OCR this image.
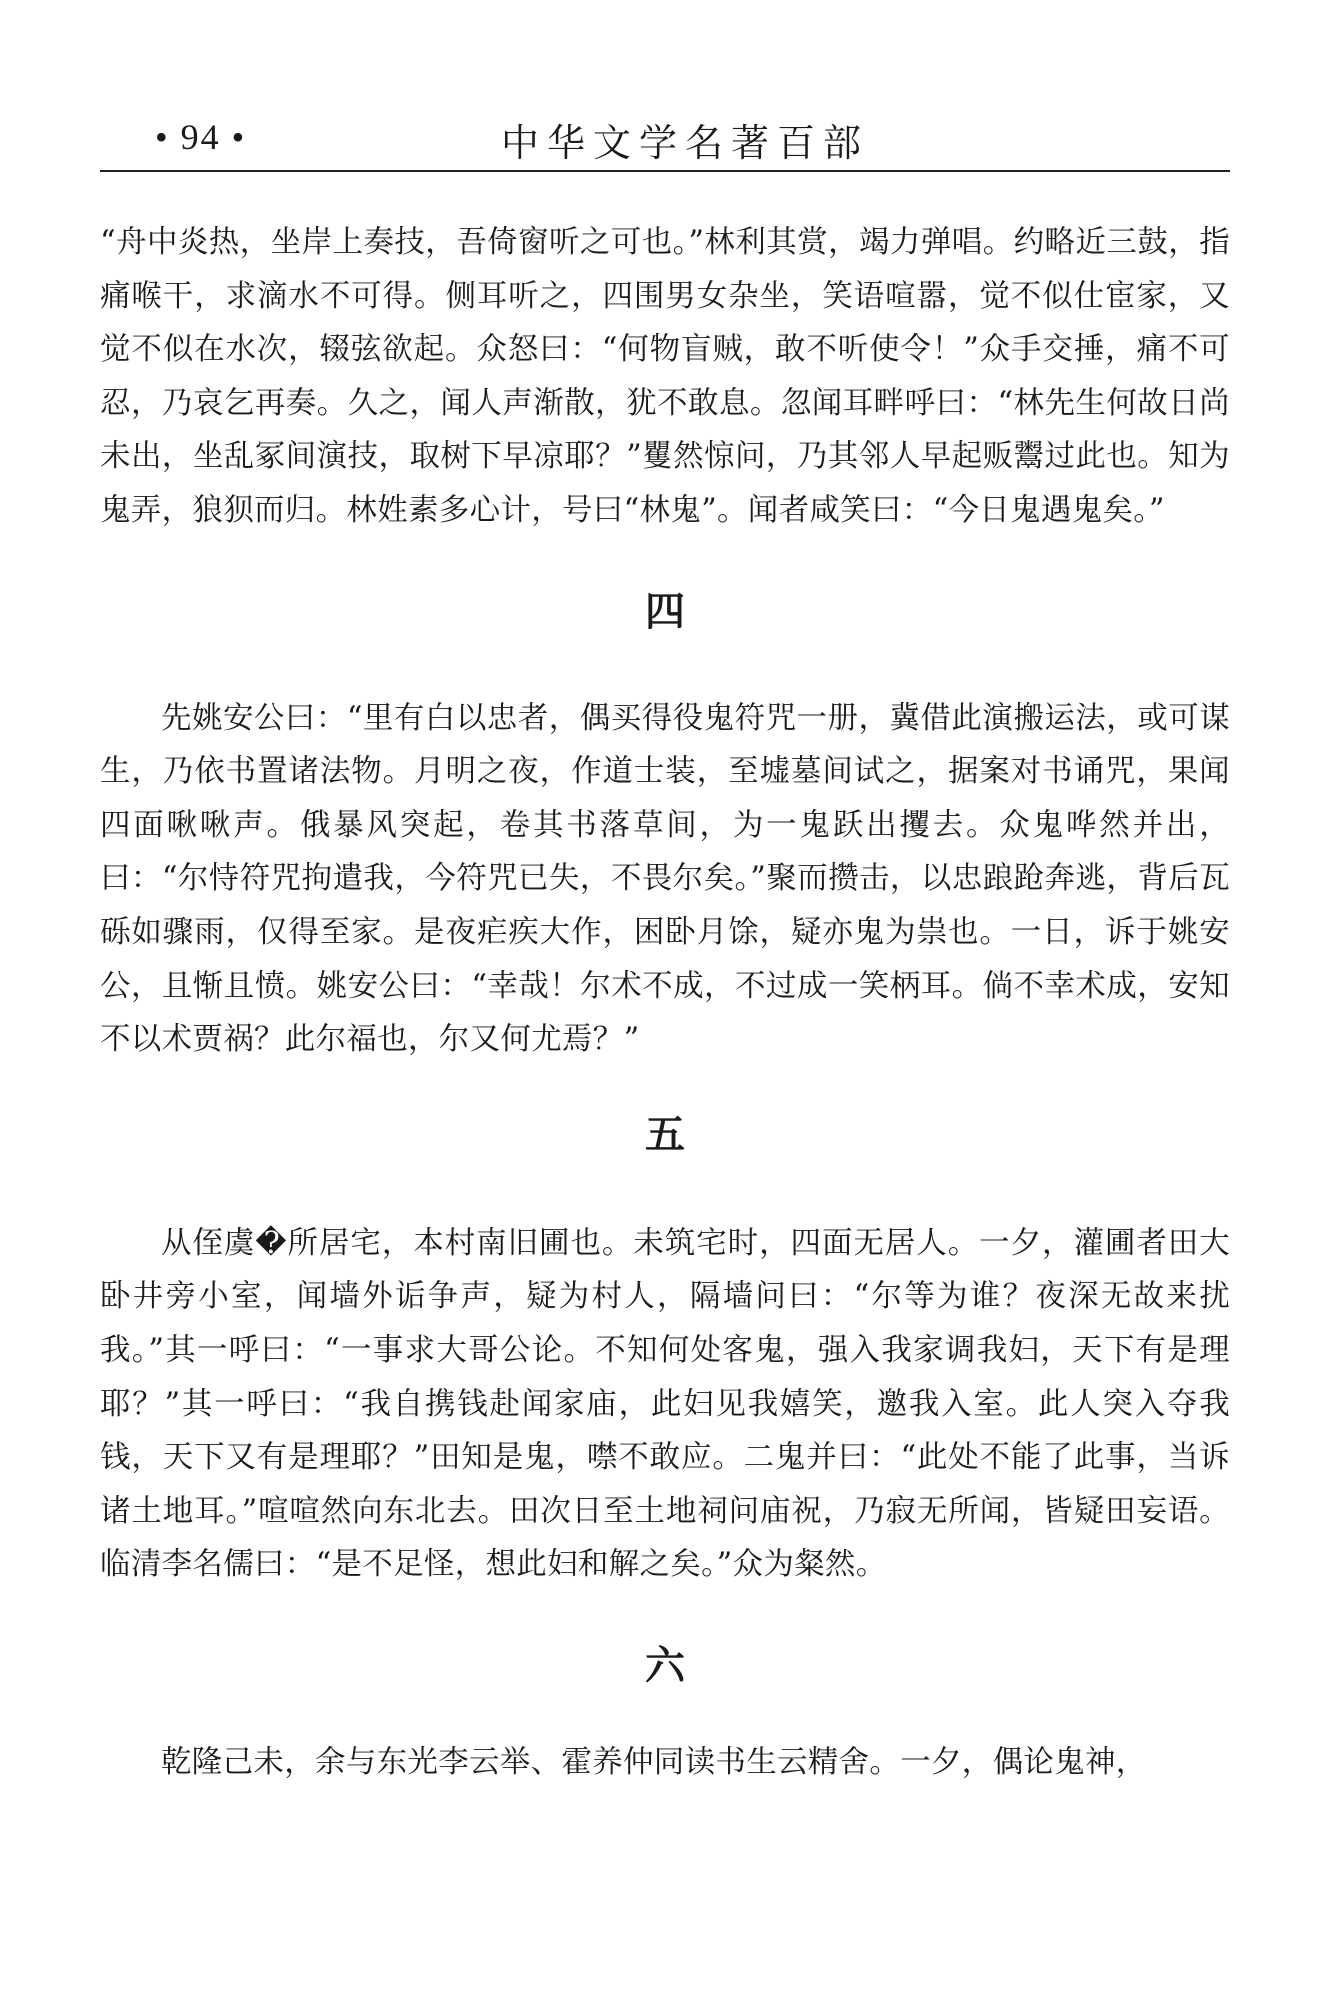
• 94 •	中华文学名著百部

“舟中炎热，坐岸上奏技，吾倚窗听之可也。”林利其赏，竭力弹唱。约略近三鼓，指痛喉干，求滴水不可得。侧耳听之，四围男女杂坐，笑语喧嚣，觉不似仕宦家，又觉不似在水次，辍弦欲起。众怒曰：“何物盲贼，敢不听使令！”众手交捶，痛不可忍，乃哀乞再奏。久之，闻人声渐散，犹不敢息。忽闻耳畔呼曰：“林先生何故日尚未出，坐乱冢间演技，取树下早凉耶？”矍然惊问，乃其邻人早起贩鬻过此也。知为鬼弄，狼狈而归。林姓素多心计，号曰“林鬼”。闻者咸笑曰：“今日鬼遇鬼矣。”

四

先姚安公曰：“里有白以忠者，偶买得役鬼符咒一册，冀借此演搬运法，或可谋生，乃依书置诸法物。月明之夜，作道士装，至墟墓间试之，据案对书诵咒，果闻四面啾啾声。俄暴风突起，卷其书落草间，为一鬼跃出攫去。众鬼哗然并出，曰：“尔恃符咒拘遣我，今符咒已失，不畏尔矣。”聚而攒击，以忠踉跄奔逃，背后瓦砾如骤雨，仅得至家。是夜疟疾大作，困卧月馀，疑亦鬼为祟也。一日，诉于姚安公，且惭且愤。姚安公曰：“幸哉！尔术不成，不过成一笑柄耳。倘不幸术成，安知不以术贾祸？此尔福也，尔又何尤焉？”

五

从侄虞�所居宅，本村南旧圃也。未筑宅时，四面无居人。一夕，灌圃者田大卧井旁小室，闻墙外诟争声，疑为村人，隔墙问曰：“尔等为谁？夜深无故来扰我。”其一呼曰：“一事求大哥公论。不知何处客鬼，强入我家调我妇，天下有是理耶？”其一呼曰：“我自携钱赴闻家庙，此妇见我嬉笑，邀我入室。此人突入夺我钱，天下又有是理耶？”田知是鬼，噤不敢应。二鬼并曰：“此处不能了此事，当诉诸土地耳。”喧喧然向东北去。田次日至土地祠问庙祝，乃寂无所闻，皆疑田妄语。临清李名儒曰：“是不足怪，想此妇和解之矣。”众为粲然。

六

乾隆己未，余与东光李云举、霍养仲同读书生云精舍。一夕，偶论鬼神，
